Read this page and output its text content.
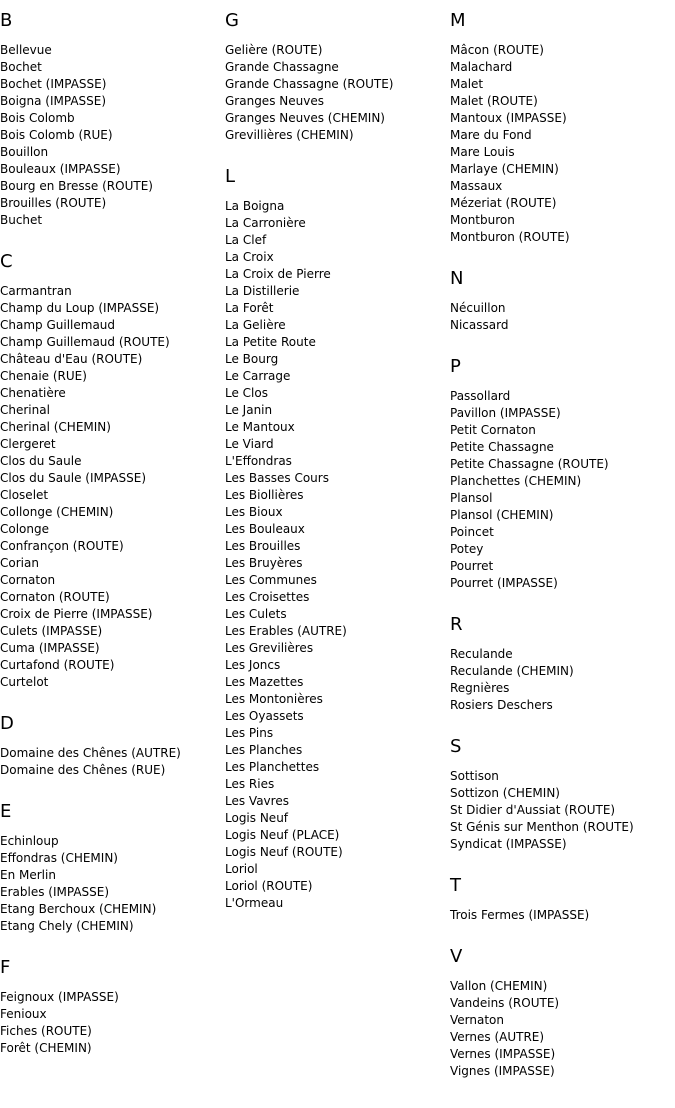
B
Bellevue
Bochet
Bochet (IMPASSE)
Boigna (IMPASSE)
Bois Colomb
Bois Colomb (RUE)
Bouillon
Bouleaux (IMPASSE)
Bourg en Bresse (ROUTE)
Brouilles (ROUTE)
Buchet
C
Carmantran
Champ du Loup (IMPASSE)
Champ Guillemaud
Champ Guillemaud (ROUTE)
Château d'Eau (ROUTE)
Chenaie (RUE)
Chenatière
Cherinal
Cherinal (CHEMIN)
Clergeret
Clos du Saule
Clos du Saule (IMPASSE)
Closelet
Collonge (CHEMIN)
Colonge
Confrançon (ROUTE)
Corian
Cornaton
Cornaton (ROUTE)
Croix de Pierre (IMPASSE)
Culets (IMPASSE)
Cuma (IMPASSE)
Curtafond (ROUTE)
Curtelot
D
Domaine des Chênes (AUTRE)
Domaine des Chênes (RUE)
E
Echinloup
Effondras (CHEMIN)
En Merlin
Erables (IMPASSE)
Etang Berchoux (CHEMIN)
Etang Chely (CHEMIN)
F
Feignoux (IMPASSE)
Fenioux
Fiches (ROUTE)
Forêt (CHEMIN)
G
Gelière (ROUTE)
Grande Chassagne
Grande Chassagne (ROUTE)
Granges Neuves
Granges Neuves (CHEMIN)
Grevillières (CHEMIN)
L
La Boigna
La Carronière
La Clef
La Croix
La Croix de Pierre
La Distillerie
La Forêt
La Gelière
La Petite Route
Le Bourg
Le Carrage
Le Clos
Le Janin
Le Mantoux
Le Viard
L'Effondras
Les Basses Cours
Les Biollières
Les Bioux
Les Bouleaux
Les Brouilles
Les Bruyères
Les Communes
Les Croisettes
Les Culets
Les Erables (AUTRE)
Les Grevilières
Les Joncs
Les Mazettes
Les Montonières
Les Oyassets
Les Pins
Les Planches
Les Planchettes
Les Ries
Les Vavres
Logis Neuf
Logis Neuf (PLACE)
Logis Neuf (ROUTE)
Loriol
Loriol (ROUTE)
L'Ormeau
M
Mâcon (ROUTE)
Malachard
Malet
Malet (ROUTE)
Mantoux (IMPASSE)
Mare du Fond
Mare Louis
Marlaye (CHEMIN)
Massaux
Mézeriat (ROUTE)
Montburon
Montburon (ROUTE)
N
Nécuillon
Nicassard
P
Passollard
Pavillon (IMPASSE)
Petit Cornaton
Petite Chassagne
Petite Chassagne (ROUTE)
Planchettes (CHEMIN)
Plansol
Plansol (CHEMIN)
Poincet
Potey
Pourret
Pourret (IMPASSE)
R
Reculande
Reculande (CHEMIN)
Regnières
Rosiers Deschers
S
Sottison
Sottizon (CHEMIN)
St Didier d'Aussiat (ROUTE)
St Génis sur Menthon (ROUTE)
Syndicat (IMPASSE)
T
Trois Fermes (IMPASSE)
V
Vallon (CHEMIN)
Vandeins (ROUTE)
Vernaton
Vernes (AUTRE)
Vernes (IMPASSE)
Vignes (IMPASSE)
